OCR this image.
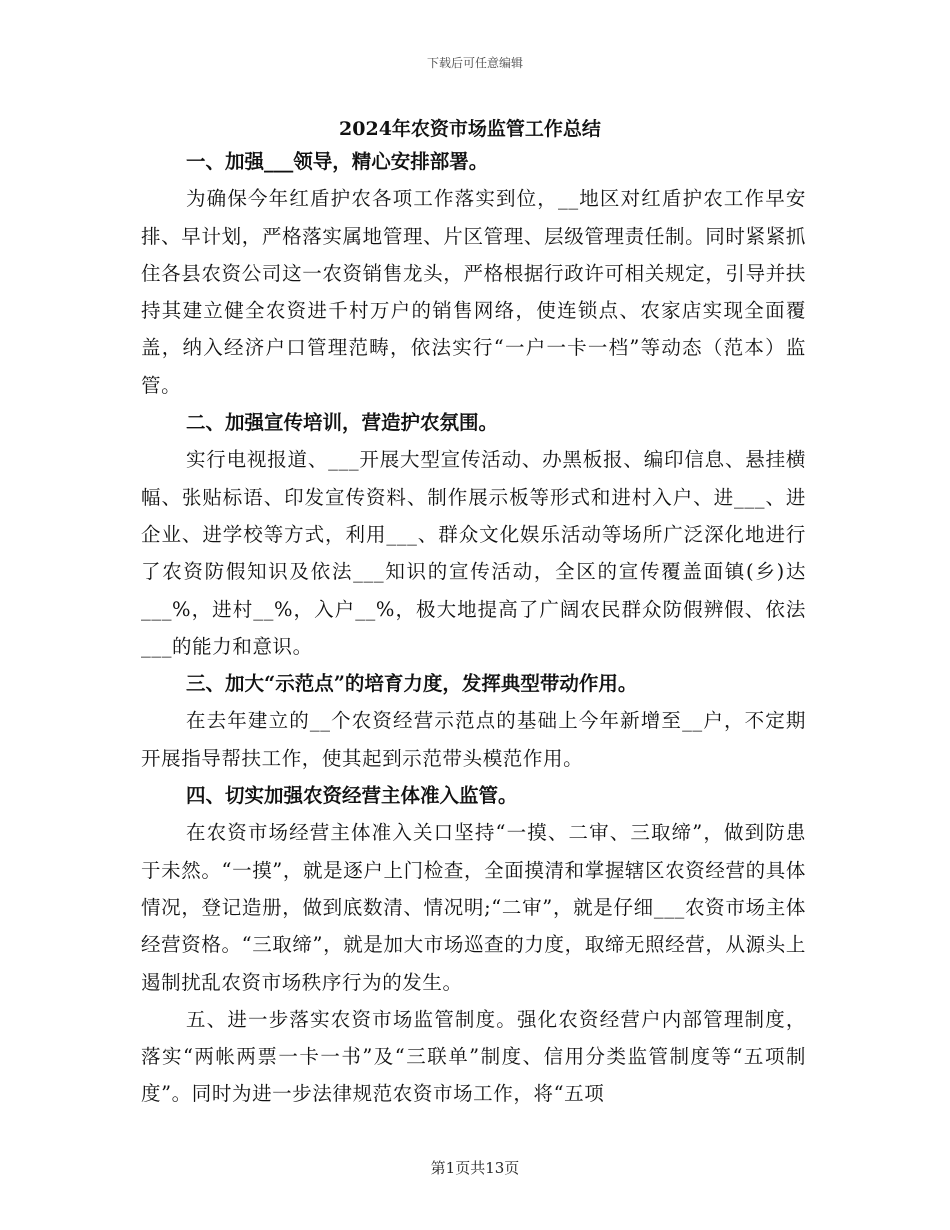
下载后可任意编辑
2024年农资市场监管工作总结

一、加强___领导，精心安排部署。

为确保今年红盾护农各项工作落实到位，__地区对红盾护农工作早安排、早计划，严格落实属地管理、片区管理、层级管理责任制。同时紧紧抓住各县农资公司这一农资销售龙头，严格根据行政许可相关规定，引导并扶持其建立健全农资进千村万户的销售网络，使连锁点、农家店实现全面覆盖，纳入经济户口管理范畴，依法实行“一户一卡一档”等动态（范本）监管。

二、加强宣传培训，营造护农氛围。

实行电视报道、___开展大型宣传活动、办黑板报、编印信息、悬挂横幅、张贴标语、印发宣传资料、制作展示板等形式和进村入户、进___、进企业、进学校等方式，利用___、群众文化娱乐活动等场所广泛深化地进行了农资防假知识及依法___知识的宣传活动，全区的宣传覆盖面镇(乡)达___%，进村__%，入户__%，极大地提高了广阔农民群众防假辨假、依法___的能力和意识。

三、加大“示范点”的培育力度，发挥典型带动作用。

在去年建立的__个农资经营示范点的基础上今年新增至__户，不定期开展指导帮扶工作，使其起到示范带头模范作用。

四、切实加强农资经营主体准入监管。

在农资市场经营主体准入关口坚持“一摸、二审、三取缔”，做到防患于未然。“一摸”，就是逐户上门检查，全面摸清和掌握辖区农资经营的具体情况，登记造册，做到底数清、情况明;“二审”，就是仔细___农资市场主体经营资格。“三取缔”，就是加大市场巡查的力度，取缔无照经营，从源头上遏制扰乱农资市场秩序行为的发生。

五、进一步落实农资市场监管制度。强化农资经营户内部管理制度，落实“两帐两票一卡一书”及“三联单”制度、信用分类监管制度等“五项制度”。同时为进一步法律规范农资市场工作，将“五项

第1页共13页
